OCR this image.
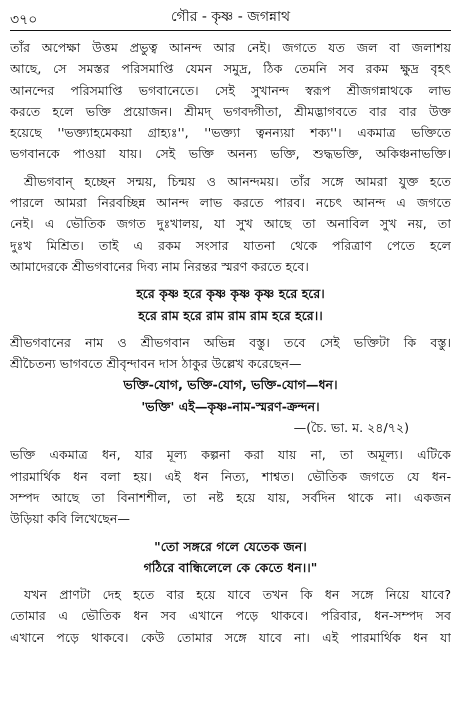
৩৭০	গৌর - কৃষ্ণ - জগন্নাথ
তাঁর অপেক্ষা উত্তম প্রভুত্ব আনন্দ আর নেই। জগতে যত জল বা জলাশয়
আছে, সে সমস্তর পরিসমাপ্তি যেমন সমুদ্র, ঠিক তেমনি সব রকম ক্ষুদ্র বৃহৎ
আনন্দের পরিসমাপ্তি ভগবানেতে। সেই সুখানন্দ স্বরূপ শ্রীজগন্নাথকে লাভ
করতে হলে ভক্তি প্রয়োজন। শ্রীমদ্ ভগবদ্গীতা, শ্রীমদ্ভাগবতে বার বার উক্ত
হয়েছে ''ভক্ত্যাহমেকয়া গ্রাহ্যঃ'', ''ভক্ত্যা ত্বনন্যয়া শক্য''। একমাত্র ভক্তিতে
ভগবানকে পাওয়া যায়। সেই ভক্তি অনন্য ভক্তি, শুদ্ধভক্তি, অকিঞ্চনাভক্তি।
শ্রীভগবান্ হচ্ছেন সন্ময়, চিন্ময় ও আনন্দময়। তাঁর সঙ্গে আমরা যুক্ত হতে
পারলে আমরা নিরবচ্ছিন্ন আনন্দ লাভ করতে পারব। নচেৎ আনন্দ এ জগতে
নেই। এ ভৌতিক জগত দুঃখালয়, যা সুখ আছে তা অনাবিল সুখ নয়, তা
দুঃখ মিশ্রিত। তাই এ রকম সংসার যাতনা থেকে পরিত্রাণ পেতে হলে
আমাদেরকে শ্রীভগবানের দিব্য নাম নিরন্তর স্মরণ করতে হবে।
হরে কৃষ্ণ হরে কৃষ্ণ কৃষ্ণ কৃষ্ণ হরে হরে।
হরে রাম হরে রাম রাম রাম হরে হরে।।
শ্রীভগবানের নাম ও শ্রীভগবান অভিন্ন বস্তু। তবে সেই ভক্তিটা কি বস্তু।
শ্রীচৈতন্য ভাগবতে শ্রীবৃন্দাবন দাস ঠাকুর উল্লেখ করেছেন—
ভক্তি-যোগ, ভক্তি-যোগ, ভক্তি-যোগ—ধন।
'ভক্তি' এই—কৃষ্ণ-নাম-স্মরণ-ক্রন্দন।
—(চৈ. ভা. ম. ২৪/৭২)
ভক্তি একমাত্র ধন, যার মূল্য কল্পনা করা যায় না, তা অমূল্য। এটিকে
পারমার্থিক ধন বলা হয়। এই ধন নিত্য, শাশ্বত। ভৌতিক জগতে যে ধন-
সম্পদ আছে তা বিনাশশীল, তা নষ্ট হয়ে যায়, সর্বদিন থাকে না। একজন
উড়িয়া কবি লিখেছেন—
"তো সঙ্গরে গলে যেতেক জন।
গঠিরে বান্ধিলেলে কে কেতে ধন।।"
যখন প্রাণটা দেহ হতে বার হয়ে যাবে তখন কি ধন সঙ্গে নিয়ে যাবে?
তোমার এ ভৌতিক ধন সব এখানে পড়ে থাকবে। পরিবার, ধন-সম্পদ সব
এখানে পড়ে থাকবে। কেউ তোমার সঙ্গে যাবে না। এই পারমার্থিক ধন যা
